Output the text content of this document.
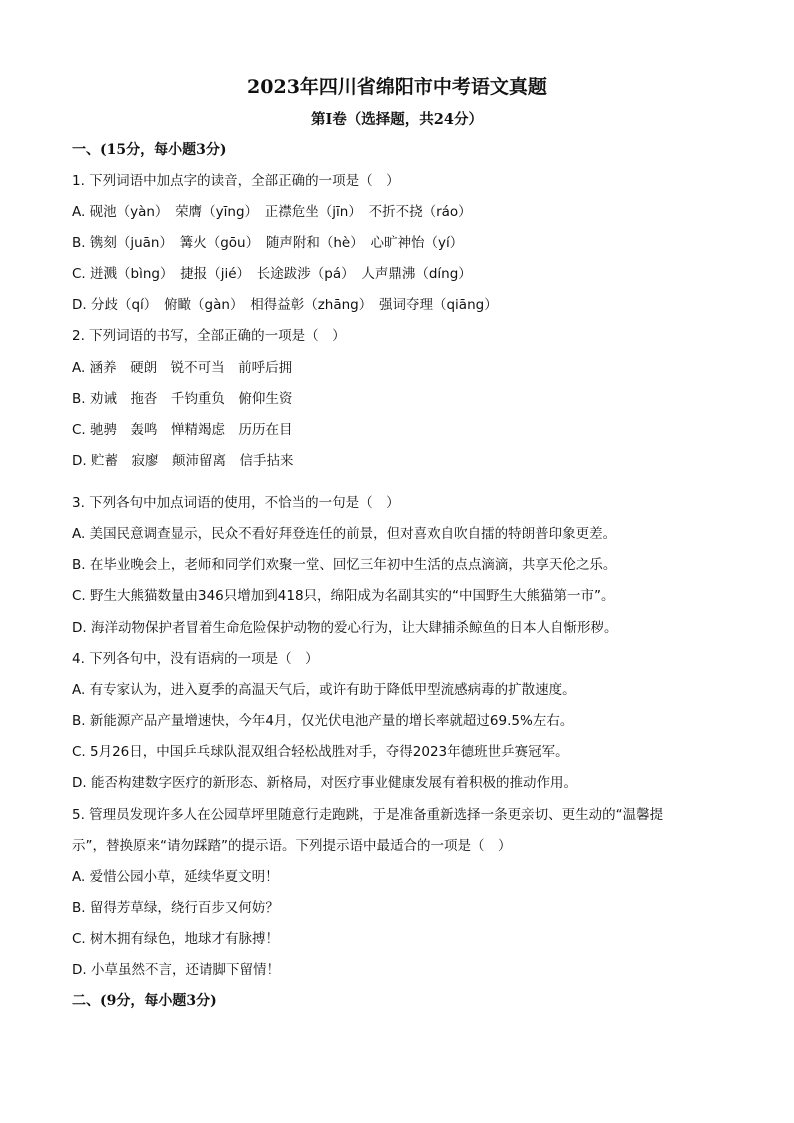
2023年四川省绵阳市中考语文真题
第Ⅰ卷（选择题，共24分）
一、(15分，每小题3分)
1. 下列词语中加点字的读音，全部正确的一项是（　）
A. 砚池（yàn）　荣膺（yīng）　正襟危坐（jīn）　不折不挠（ráo）
B. 镌刻（juān）　篝火（gōu）　随声附和（hè）　心旷神怡（yí）
C. 迸溅（bìng）　捷报（jié）　长途跋涉（pá）　人声鼎沸（díng）
D. 分歧（qí）　俯瞰（gàn）　相得益彰（zhāng）　强词夺理（qiāng）
2. 下列词语的书写，全部正确的一项是（　）
A. 涵养　硬朗　锐不可当　前呼后拥
B. 劝诫　拖沓　千钧重负　俯仰生资
C. 驰骋　轰鸣　惮精竭虑　历历在目
D. 贮蓄　寂廖　颠沛留离　信手拈来
3. 下列各句中加点词语的使用，不恰当的一句是（　）
A. 美国民意调查显示，民众不看好拜登连任的前景，但对喜欢自吹自擂的特朗普印象更差。
B. 在毕业晚会上，老师和同学们欢聚一堂、回忆三年初中生活的点点滴滴，共享天伦之乐。
C. 野生大熊猫数量由346只增加到418只，绵阳成为名副其实的“中国野生大熊猫第一市”。
D. 海洋动物保护者冒着生命危险保护动物的爱心行为，让大肆捕杀鲸鱼的日本人自惭形秽。
4. 下列各句中，没有语病的一项是（　）
A. 有专家认为，进入夏季的高温天气后，或许有助于降低甲型流感病毒的扩散速度。
B. 新能源产品产量增速快，今年4月，仅光伏电池产量的增长率就超过69.5%左右。
C. 5月26日，中国乒乓球队混双组合轻松战胜对手，夺得2023年德班世乒赛冠军。
D. 能否构建数字医疗的新形态、新格局，对医疗事业健康发展有着积极的推动作用。
5. 管理员发现许多人在公园草坪里随意行走跑跳，于是准备重新选择一条更亲切、更生动的“温馨提
示”，替换原来“请勿踩踏”的提示语。下列提示语中最适合的一项是（　）
A. 爱惜公园小草，延续华夏文明！
B. 留得芳草绿，绕行百步又何妨？
C. 树木拥有绿色，地球才有脉搏！
D. 小草虽然不言，还请脚下留情！
二、(9分，每小题3分)
